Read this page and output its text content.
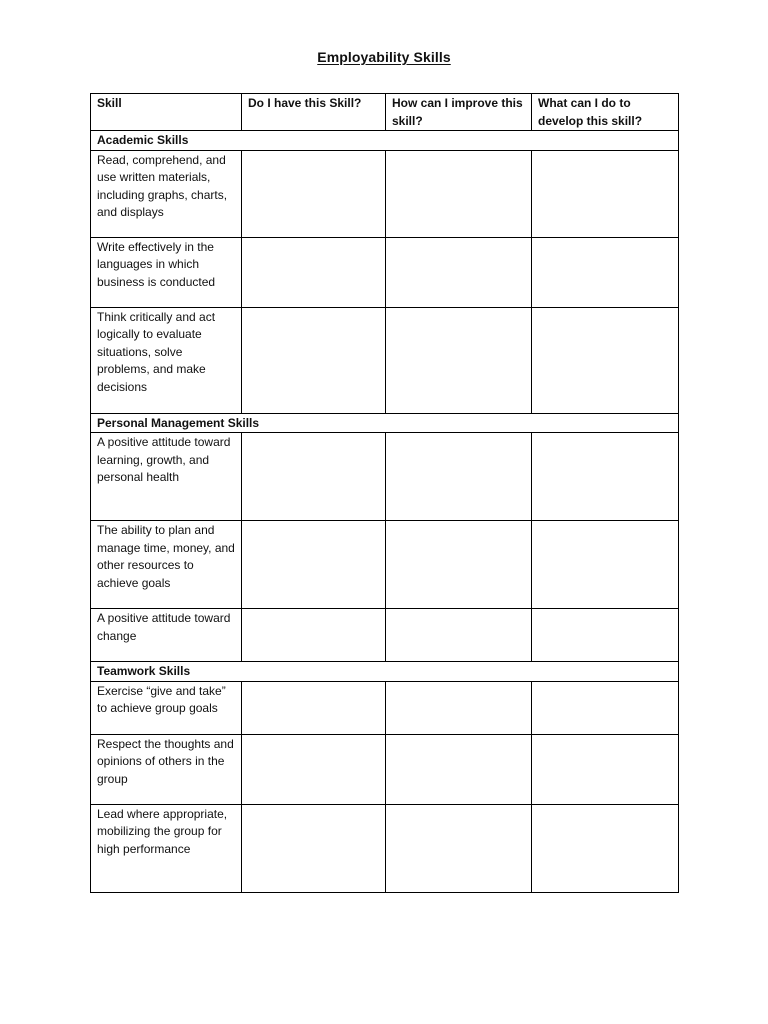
Employability Skills
Skill	Do I have this Skill?	How can I improve this skill?	What can I do to develop this skill?
Academic Skills			
Read, comprehend, and use written materials, including graphs, charts, and displays			
Write effectively in the languages in which business is conducted			
Think critically and act logically to evaluate situations, solve problems, and make decisions			
Personal Management Skills			
A positive attitude toward learning, growth, and personal health			
The ability to plan and manage time, money, and other resources to achieve goals			
A positive attitude toward change			
Teamwork Skills			
Exercise “give and take” to achieve group goals			
Respect the thoughts and opinions of others in the group			
Lead where appropriate, mobilizing the group for high performance			
